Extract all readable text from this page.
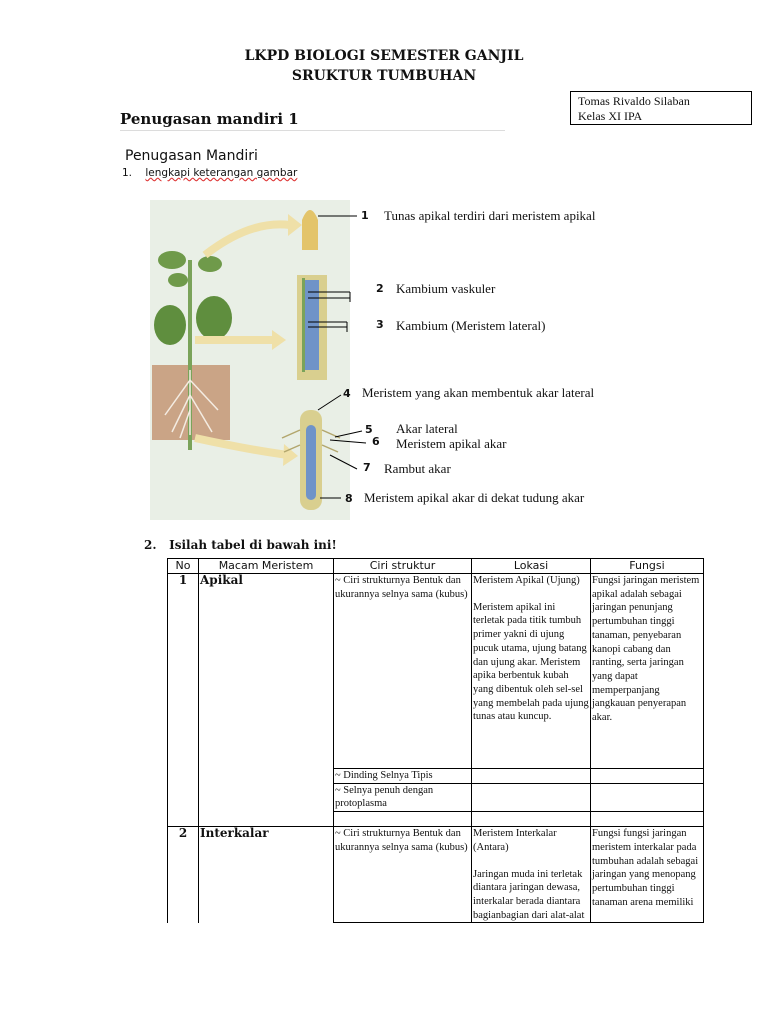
LKPD BIOLOGI SEMESTER GANJIL
SRUKTUR TUMBUHAN
Tomas Rivaldo Silaban
Kelas XI IPA
Penugasan mandiri 1
Penugasan Mandiri
1. lengkapi keterangan gambar
1 Tunas apikal terdiri dari meristem apikal
2 Kambium vaskuler
3 Kambium (Meristem lateral)
4 Meristem yang akan membentuk akar lateral
5 Akar lateral
6 Meristem apikal akar
7 Rambut akar
8 Meristem apikal akar di dekat tudung akar
2. Isilah tabel di bawah ini!
No	Macam Meristem	Ciri struktur	Lokasi	Fungsi
1	Apikal	~ Ciri strukturnya Bentuk dan ukurannya selnya sama (kubus)	Meristem Apikal (Ujung)
Meristem apikal ini terletak pada titik tumbuh primer yakni di ujung pucuk utama, ujung batang dan ujung akar. Meristem apika berbentuk kubah yang dibentuk oleh sel-sel yang membelah pada ujung tunas atau kuncup.	Fungsi jaringan meristem apikal adalah sebagai jaringan penunjang pertumbuhan tinggi tanaman, penyebaran kanopi cabang dan ranting, serta jaringan yang dapat memperpanjang jangkauan penyerapan akar.
		~ Dinding Selnya Tipis		
		~ Selnya penuh dengan protoplasma		

2	Interkalar	~ Ciri strukturnya Bentuk dan ukurannya selnya sama (kubus)	Meristem Interkalar (Antara)
Jaringan muda ini terletak diantara jaringan dewasa, interkalar berada diantara bagianbagian dari alat-alat	Fungsi fungsi jaringan meristem interkalar pada tumbuhan adalah sebagai jaringan yang menopang pertumbuhan tinggi tanaman arena memiliki
